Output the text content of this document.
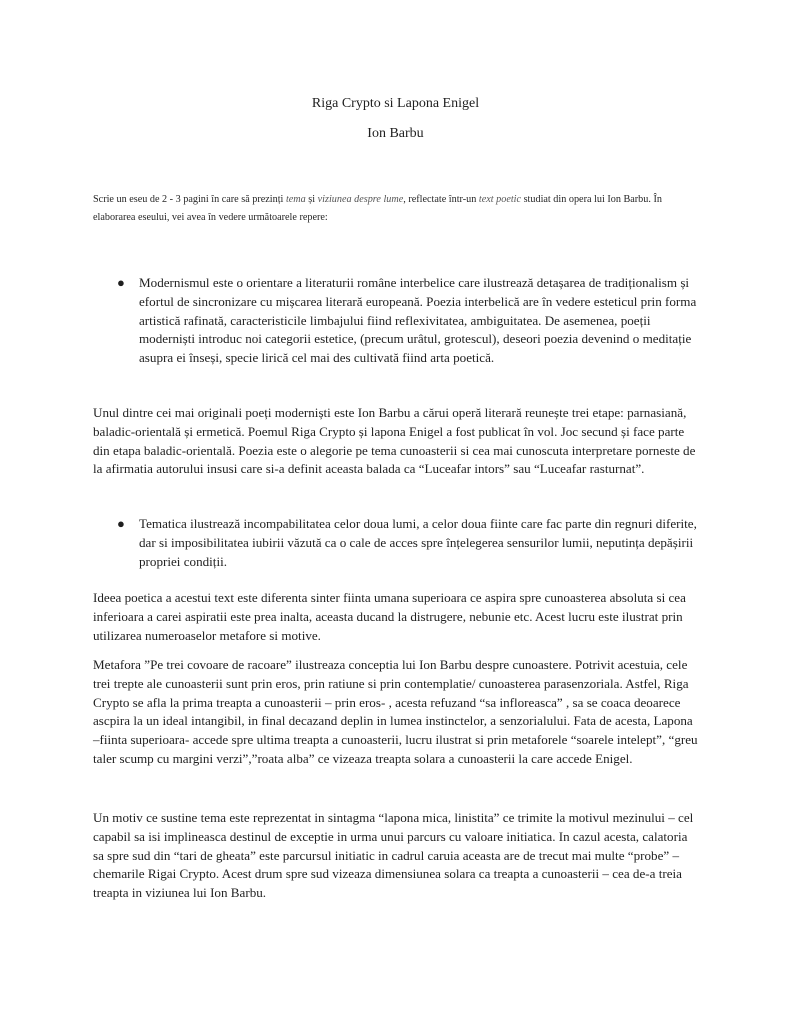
Riga Crypto si Lapona Enigel

Ion Barbu

Scrie un eseu de 2 - 3 pagini în care să prezinți tema și viziunea despre lume, reflectate într-un text poetic studiat din opera lui Ion Barbu. În elaborarea eseului, vei avea în vedere următoarele repere:

● Modernismul este o orientare a literaturii române interbelice care ilustrează detașarea de tradiționalism și efortul de sincronizare cu mișcarea literară europeană. Poezia interbelică are în vedere esteticul prin forma artistică rafinată, caracteristicile limbajului fiind reflexivitatea, ambiguitatea. De asemenea, poeții moderniști introduc noi categorii estetice, (precum urâtul, grotescul), deseori poezia devenind o meditație asupra ei înseși, specie lirică cel mai des cultivată fiind arta poetică.

Unul dintre cei mai originali poeți moderniști este Ion Barbu a cărui operă literară reunește trei etape: parnasiană, baladic-orientală și ermetică. Poemul Riga Crypto și lapona Enigel a fost publicat în vol. Joc secund și face parte din etapa baladic-orientală. Poezia este o alegorie pe tema cunoasterii si cea mai cunoscuta interpretare porneste de la afirmatia autorului insusi care si-a definit aceasta balada ca “Luceafar intors” sau “Luceafar rasturnat”.

● Tematica ilustrează incompabilitatea celor doua lumi, a celor doua fiinte care fac parte din regnuri diferite, dar si imposibilitatea iubirii văzută ca o cale de acces spre înțelegerea sensurilor lumii, neputința depășirii propriei condiții.

Ideea poetica a acestui text este diferenta sinter fiinta umana superioara ce aspira spre cunoasterea absoluta si cea inferioara a carei aspiratii este prea inalta, aceasta ducand la distrugere, nebunie etc. Acest lucru este ilustrat prin utilizarea numeroaselor metafore si motive.

Metafora ”Pe trei covoare de racoare” ilustreaza conceptia lui Ion Barbu despre cunoastere. Potrivit acestuia, cele trei trepte ale cunoasterii sunt prin eros, prin ratiune si prin contemplatie/ cunoasterea parasenzoriala. Astfel, Riga Crypto se afla la prima treapta a cunoasterii – prin eros- , acesta refuzand “sa infloreasca” , sa se coaca deoarece ascpira la un ideal intangibil, in final decazand deplin in lumea instinctelor, a senzorialului. Fata de acesta, Lapona –fiinta superioara- accede spre ultima treapta a cunoasterii, lucru ilustrat si prin metaforele “soarele intelept”, “greu taler scump cu margini verzi”,”roata alba” ce vizeaza treapta solara a cunoasterii la care accede Enigel.

Un motiv ce sustine tema este reprezentat in sintagma “lapona mica, linistita” ce trimite la motivul mezinului – cel capabil sa isi implineasca destinul de exceptie in urma unui parcurs cu valoare initiatica. In cazul acesta, calatoria sa spre sud din “tari de gheata” este parcursul initiatic in cadrul caruia aceasta are de trecut mai multe “probe” –chemarile Rigai Crypto. Acest drum spre sud vizeaza dimensiunea solara ca treapta a cunoasterii – cea de-a treia treapta in viziunea lui Ion Barbu.
